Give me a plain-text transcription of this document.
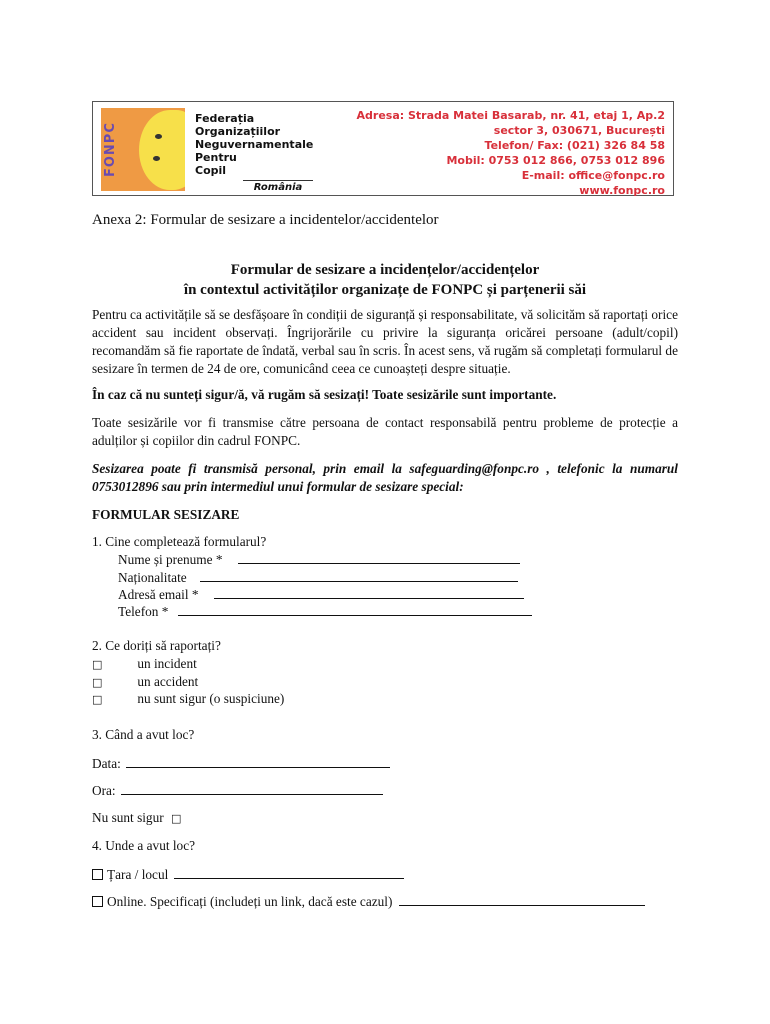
FONPC
Federația
Organizațiilor
Neguvernamentale
Pentru
Copil
România
Adresa: Strada Matei Basarab, nr. 41, etaj 1, Ap.2
sector 3, 030671, București
Telefon/ Fax: (021) 326 84 58
Mobil: 0753 012 866, 0753 012 896
E-mail: office@fonpc.ro
www.fonpc.ro
Anexa 2: Formular de sesizare a incidentelor/accidentelor
Formular de sesizare a incidențelor/accidențelor
în contextul activităților organizațe de FONPC și parțenerii săi
Pentru ca activitățile să se desfășoare în condiții de siguranță și responsabilitate, vă solicităm să raportați orice accident sau incident observați. Îngrijorările cu privire la siguranța oricărei persoane (adult/copil) recomandăm să fie raportate de îndată, verbal sau în scris. În acest sens, vă rugăm să completați formularul de sesizare în termen de 24 de ore, comunicând ceea ce cunoașteți despre situație.
În caz că nu sunteți sigur/ă, vă rugăm să sesizați! Toate sesizările sunt importante.
Toate sesizările vor fi transmise către persoana de contact responsabilă pentru probleme de protecție a adulților și copiilor din cadrul FONPC.
Sesizarea poate fi transmisă personal, prin email la safeguarding@fonpc.ro , telefonic la numarul 0753012896 sau prin intermediul unui formular de sesizare special:
FORMULAR SESIZARE
1. Cine completează formularul?
Nume și prenume *
Naționalitate
Adresă email *
Telefon *
2. Ce doriți să raportați?
□	un incident
□	un accident
□	nu sunt sigur (o suspiciune)
3. Când a avut loc?
Data:
Ora:
Nu sunt sigur □
4. Unde a avut loc?
Țara / locul
Online. Specificați (includeți un link, dacă este cazul)
